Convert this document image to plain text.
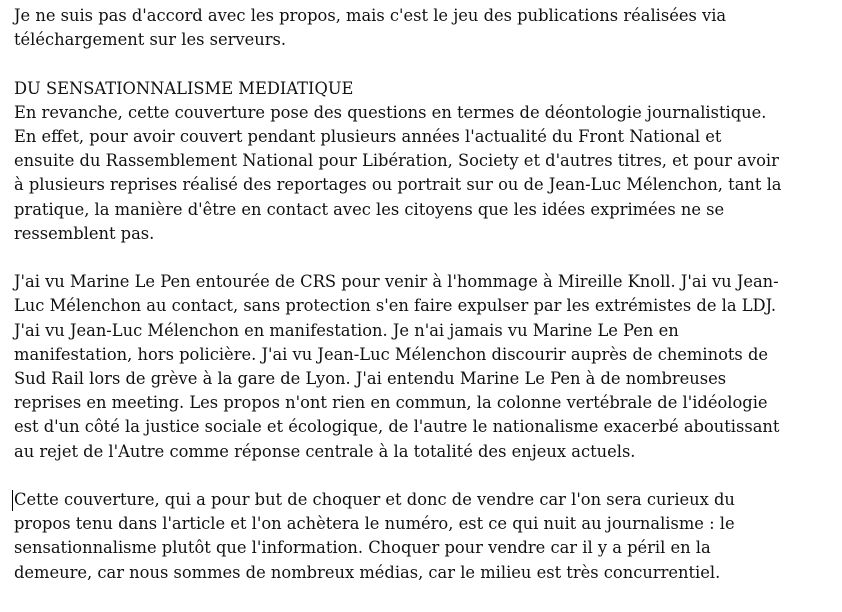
Je ne suis pas d'accord avec les propos, mais c'est le jeu des publications réalisées via
téléchargement sur les serveurs.

DU SENSATIONNALISME MEDIATIQUE

En revanche, cette couverture pose des questions en termes de déontologie journalistique.
En effet, pour avoir couvert pendant plusieurs années l'actualité du Front National et
ensuite du Rassemblement National pour Libération, Society et d'autres titres, et pour avoir
à plusieurs reprises réalisé des reportages ou portrait sur ou de Jean-Luc Mélenchon, tant la
pratique, la manière d'être en contact avec les citoyens que les idées exprimées ne se
ressemblent pas.

J'ai vu Marine Le Pen entourée de CRS pour venir à l'hommage à Mireille Knoll. J'ai vu Jean-
Luc Mélenchon au contact, sans protection s'en faire expulser par les extrémistes de la LDJ.
J'ai vu Jean-Luc Mélenchon en manifestation. Je n'ai jamais vu Marine Le Pen en
manifestation, hors policière. J'ai vu Jean-Luc Mélenchon discourir auprès de cheminots de
Sud Rail lors de grève à la gare de Lyon. J'ai entendu Marine Le Pen à de nombreuses
reprises en meeting. Les propos n'ont rien en commun, la colonne vertébrale de l'idéologie
est d'un côté la justice sociale et écologique, de l'autre le nationalisme exacerbé aboutissant
au rejet de l'Autre comme réponse centrale à la totalité des enjeux actuels.

Cette couverture, qui a pour but de choquer et donc de vendre car l'on sera curieux du
propos tenu dans l'article et l'on achètera le numéro, est ce qui nuit au journalisme : le
sensationnalisme plutôt que l'information. Choquer pour vendre car il y a péril en la
demeure, car nous sommes de nombreux médias, car le milieu est très concurrentiel.
